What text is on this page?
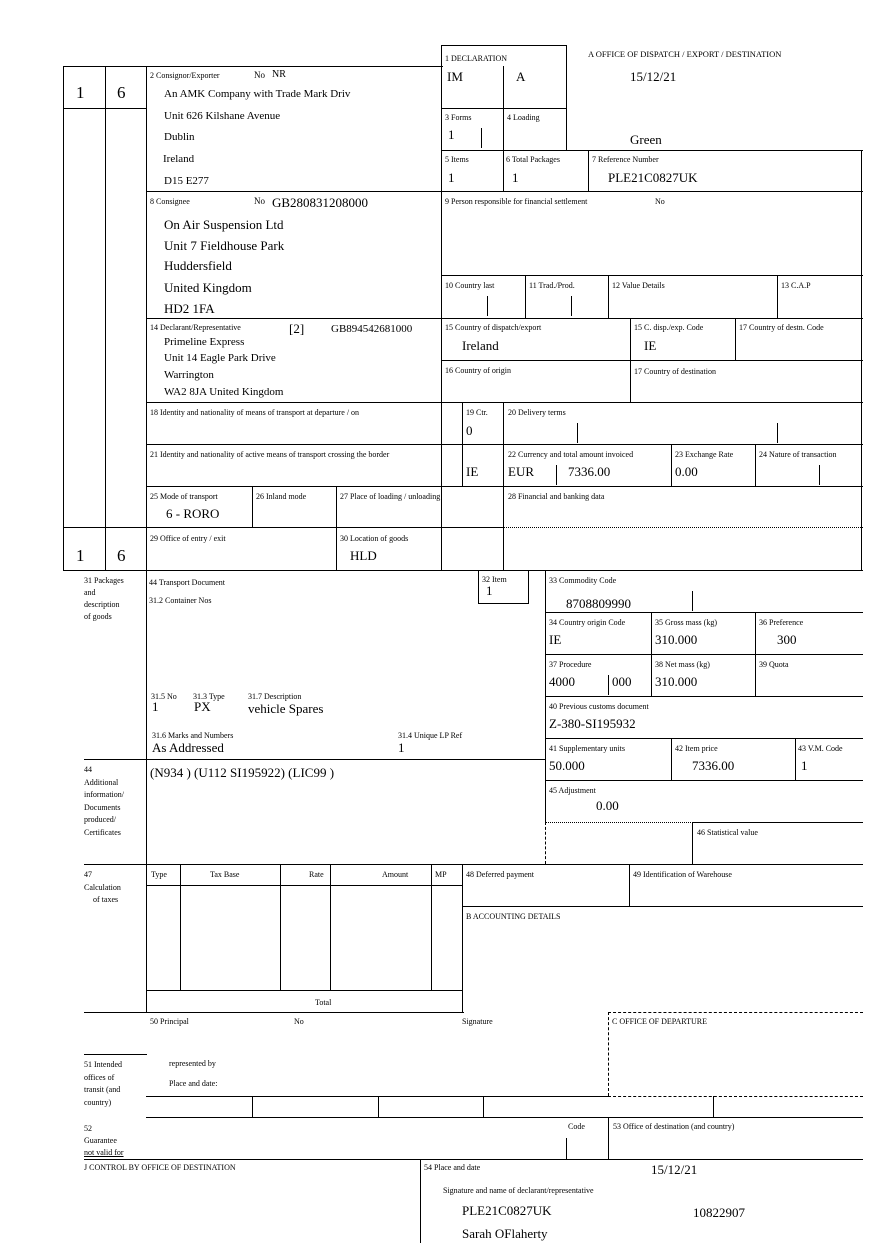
1 6
1 6
1 DECLARATION
IM	A
A OFFICE OF DISPATCH / EXPORT / DESTINATION
15/12/21
3 Forms
1
4 Loading
Green
5 Items
1
6 Total Packages
1
7 Reference Number
PLE21C0827UK
2 Consignor/Exporter	No NR
An AMK Company with Trade Mark Driv
Unit 626 Kilshane Avenue
Dublin
Ireland
D15 E277
8 Consignee	No GB280831208000
On Air Suspension Ltd
Unit 7 Fieldhouse Park
Huddersfield
United Kingdom
HD2 1FA
9 Person responsible for financial settlement	No
10 Country last	11 Trad./Prod.	12 Value Details	13 C.A.P
14 Declarant/Representative	[2] GB894542681000
Primeline Express
Unit 14 Eagle Park Drive
Warrington
WA2 8JA United Kingdom
15 Country of dispatch/export
Ireland
15 C. disp./exp. Code
IE
17 Country of destn. Code
16 Country of origin	17 Country of destination
18 Identity and nationality of means of transport at departure / on	19 Ctr.
0
20 Delivery terms
21 Identity and nationality of active means of transport crossing the border
IE
22 Currency and total amount invoiced
EUR	7336.00
23 Exchange Rate
0.00
24 Nature of transaction
25 Mode of transport
6 - RORO
26 Inland mode	27 Place of loading / unloading	28 Financial and banking data
29 Office of entry / exit	30 Location of goods
HLD
31 Packages
and
description
of goods
44 Transport Document
31.2 Container Nos
32 Item
1
31.5 No
1
31.3 Type
PX
31.7 Description
vehicle Spares
31.6 Marks and Numbers
As Addressed
31.4 Unique LP Ref
1
33 Commodity Code
8708809990
34 Country origin Code
IE
35 Gross mass (kg)
310.000
36 Preference
300
37 Procedure
4000	000
38 Net mass (kg)
310.000
39 Quota
40 Previous customs document
Z-380-SI195932
41 Supplementary units
50.000
42 Item price
7336.00
43 V.M. Code
1
44
Additional
information/
Documents
produced/
Certificates
(N934 ) (U112 SI195922) (LIC99 )
45 Adjustment
0.00
46 Statistical value
47
Calculation
of taxes
Type	Tax Base	Rate	Amount	MP
Total
48 Deferred payment	49 Identification of Warehouse
B ACCOUNTING DETAILS
50 Principal	No	Signature	C OFFICE OF DEPARTURE
represented by
Place and date:
51 Intended
offices of
transit (and
country)
52
Guarantee
not valid for
Code	53 Office of destination (and country)
J CONTROL BY OFFICE OF DESTINATION	54 Place and date	15/12/21
Signature and name of declarant/representative
PLE21C0827UK	10822907
Sarah OFlaherty
